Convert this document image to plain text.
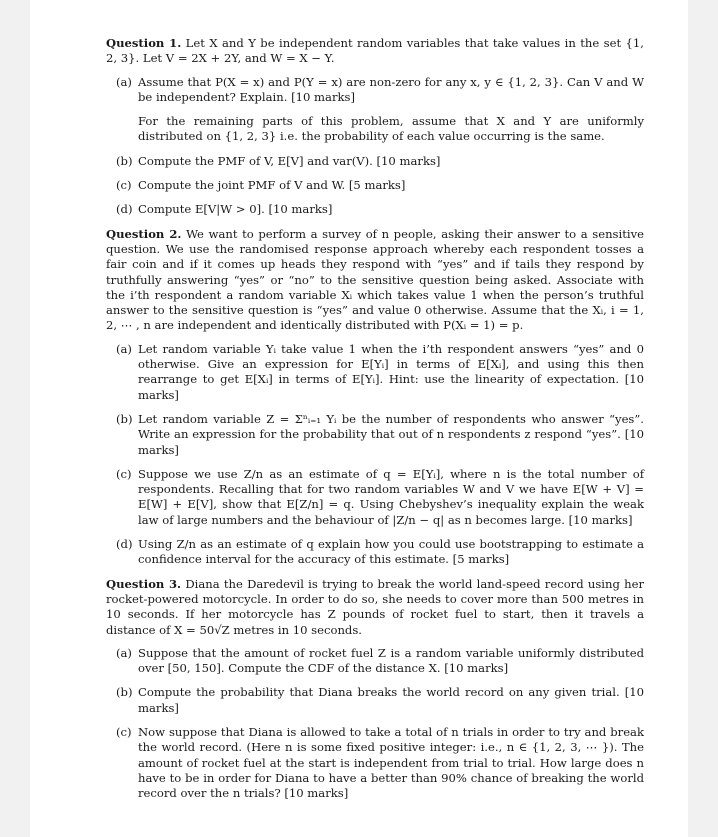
Question 1. Let X and Y be independent random variables that take values in the set {1, 2, 3}. Let V = 2X + 2Y, and W = X − Y.
(a) Assume that P(X = x) and P(Y = x) are non-zero for any x, y ∈ {1, 2, 3}. Can V and W be independent? Explain. [10 marks]
For the remaining parts of this problem, assume that X and Y are uniformly distributed on {1, 2, 3} i.e. the probability of each value occurring is the same.
(b) Compute the PMF of V, E[V] and var(V). [10 marks]
(c) Compute the joint PMF of V and W. [5 marks]
(d) Compute E[V|W > 0]. [10 marks]
Question 2. We want to perform a survey of n people, asking their answer to a sensitive question. We use the randomised response approach whereby each respondent tosses a fair coin and if it comes up heads they respond with “yes” and if tails they respond by truthfully answering “yes” or “no” to the sensitive question being asked. Associate with the i’th respondent a random variable Xᵢ which takes value 1 when the person’s truthful answer to the sensitive question is “yes” and value 0 otherwise. Assume that the Xᵢ, i = 1, 2, ⋯ , n are independent and identically distributed with P(Xᵢ = 1) = p.
(a) Let random variable Yᵢ take value 1 when the i’th respondent answers “yes” and 0 otherwise. Give an expression for E[Yᵢ] in terms of E[Xᵢ], and using this then rearrange to get E[Xᵢ] in terms of E[Yᵢ]. Hint: use the linearity of expectation. [10 marks]
(b) Let random variable Z = Σⁿᵢ₌₁ Yᵢ be the number of respondents who answer “yes”. Write an expression for the probability that out of n respondents z respond “yes”. [10 marks]
(c) Suppose we use Z/n as an estimate of q = E[Yᵢ], where n is the total number of respondents. Recalling that for two random variables W and V we have E[W + V] = E[W] + E[V], show that E[Z/n] = q. Using Chebyshev’s inequality explain the weak law of large numbers and the behaviour of |Z/n − q| as n becomes large. [10 marks]
(d) Using Z/n as an estimate of q explain how you could use bootstrapping to estimate a confidence interval for the accuracy of this estimate. [5 marks]
Question 3. Diana the Daredevil is trying to break the world land-speed record using her rocket-powered motorcycle. In order to do so, she needs to cover more than 500 metres in 10 seconds. If her motorcycle has Z pounds of rocket fuel to start, then it travels a distance of X = 50√Z metres in 10 seconds.
(a) Suppose that the amount of rocket fuel Z is a random variable uniformly distributed over [50, 150]. Compute the CDF of the distance X. [10 marks]
(b) Compute the probability that Diana breaks the world record on any given trial. [10 marks]
(c) Now suppose that Diana is allowed to take a total of n trials in order to try and break the world record. (Here n is some fixed positive integer: i.e., n ∈ {1, 2, 3, ⋯ }). The amount of rocket fuel at the start is independent from trial to trial. How large does n have to be in order for Diana to have a better than 90% chance of breaking the world record over the n trials? [10 marks]
